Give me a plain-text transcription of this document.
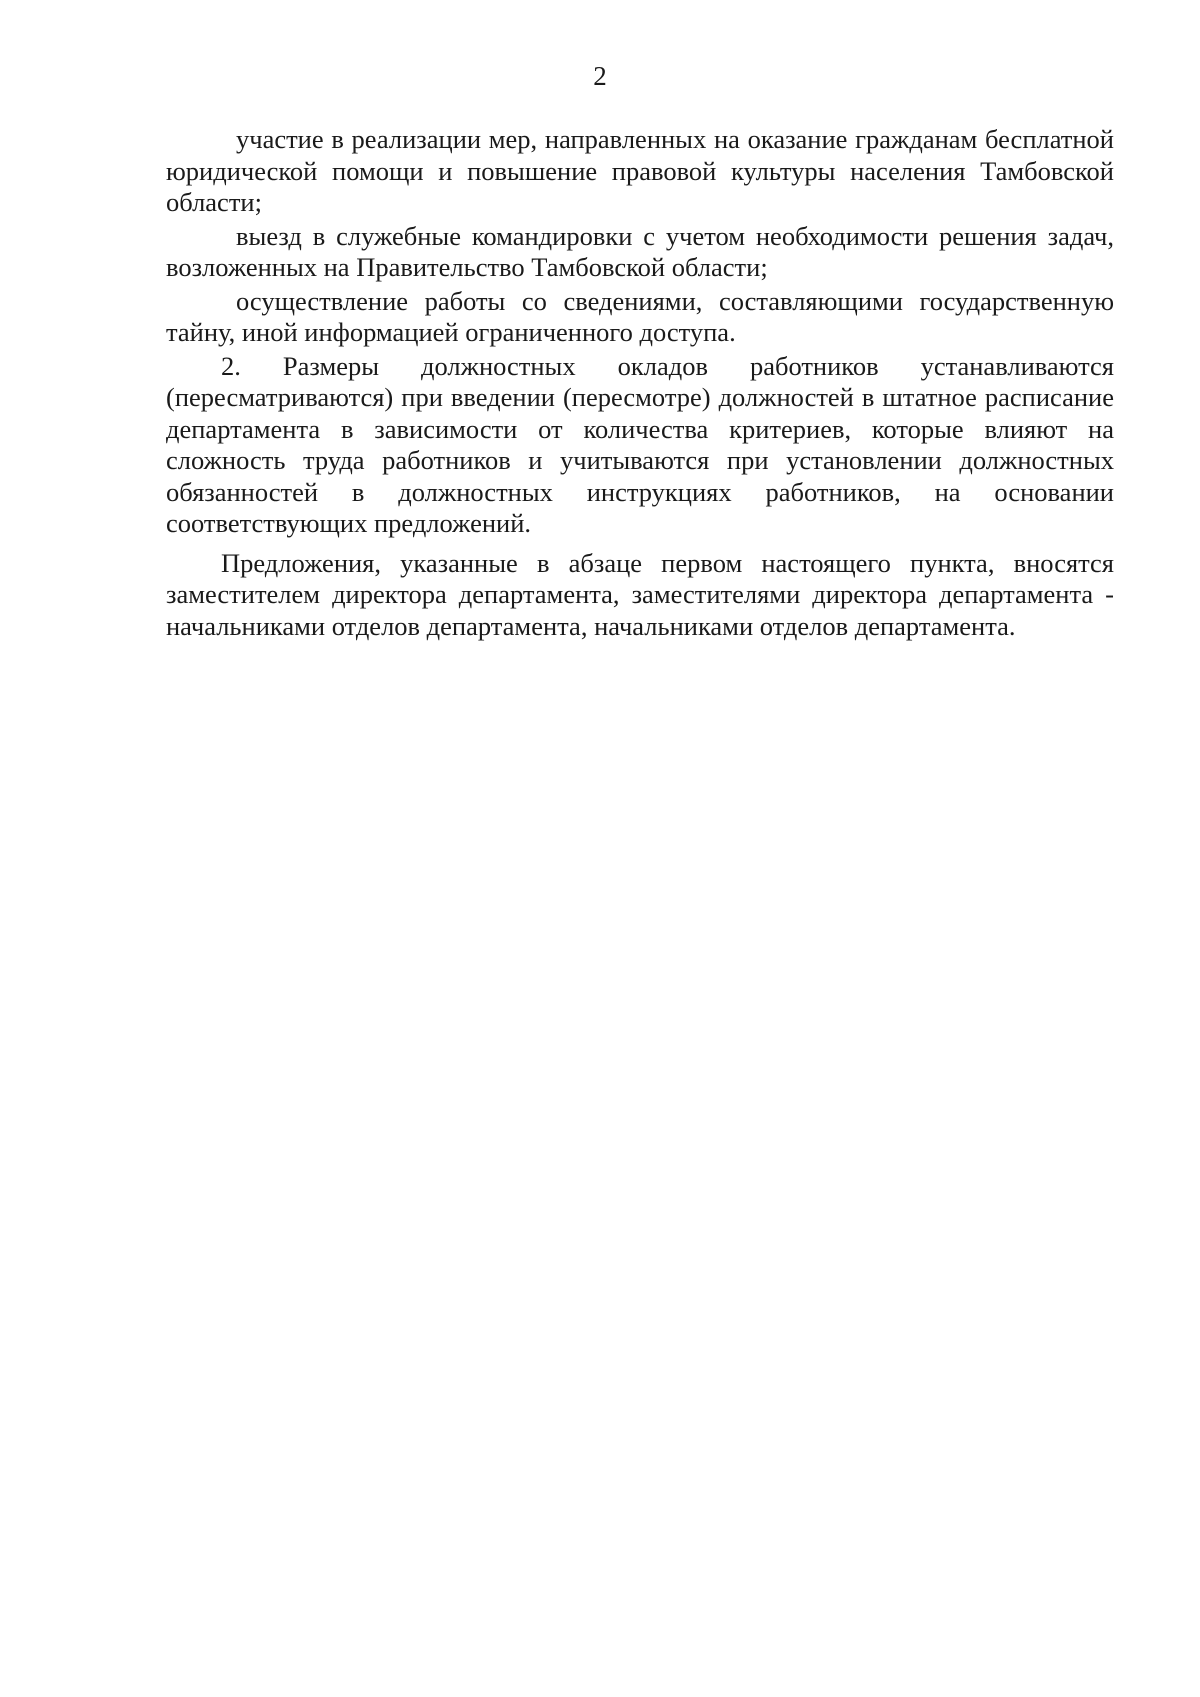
2

участие в реализации мер, направленных на оказание гражданам бесплатной юридической помощи и повышение правовой культуры населения Тамбовской области;

выезд в служебные командировки с учетом необходимости решения задач, возложенных на Правительство Тамбовской области;

осуществление работы со сведениями, составляющими государственную тайну, иной информацией ограниченного доступа.

2. Размеры должностных окладов работников устанавливаются (пересматриваются) при введении (пересмотре) должностей в штатное расписание департамента в зависимости от количества критериев, которые влияют на сложность труда работников и учитываются при установлении должностных обязанностей в должностных инструкциях работников, на основании соответствующих предложений.

Предложения, указанные в абзаце первом настоящего пункта, вносятся заместителем директора департамента, заместителями директора департамента - начальниками отделов департамента, начальниками отделов департамента.
